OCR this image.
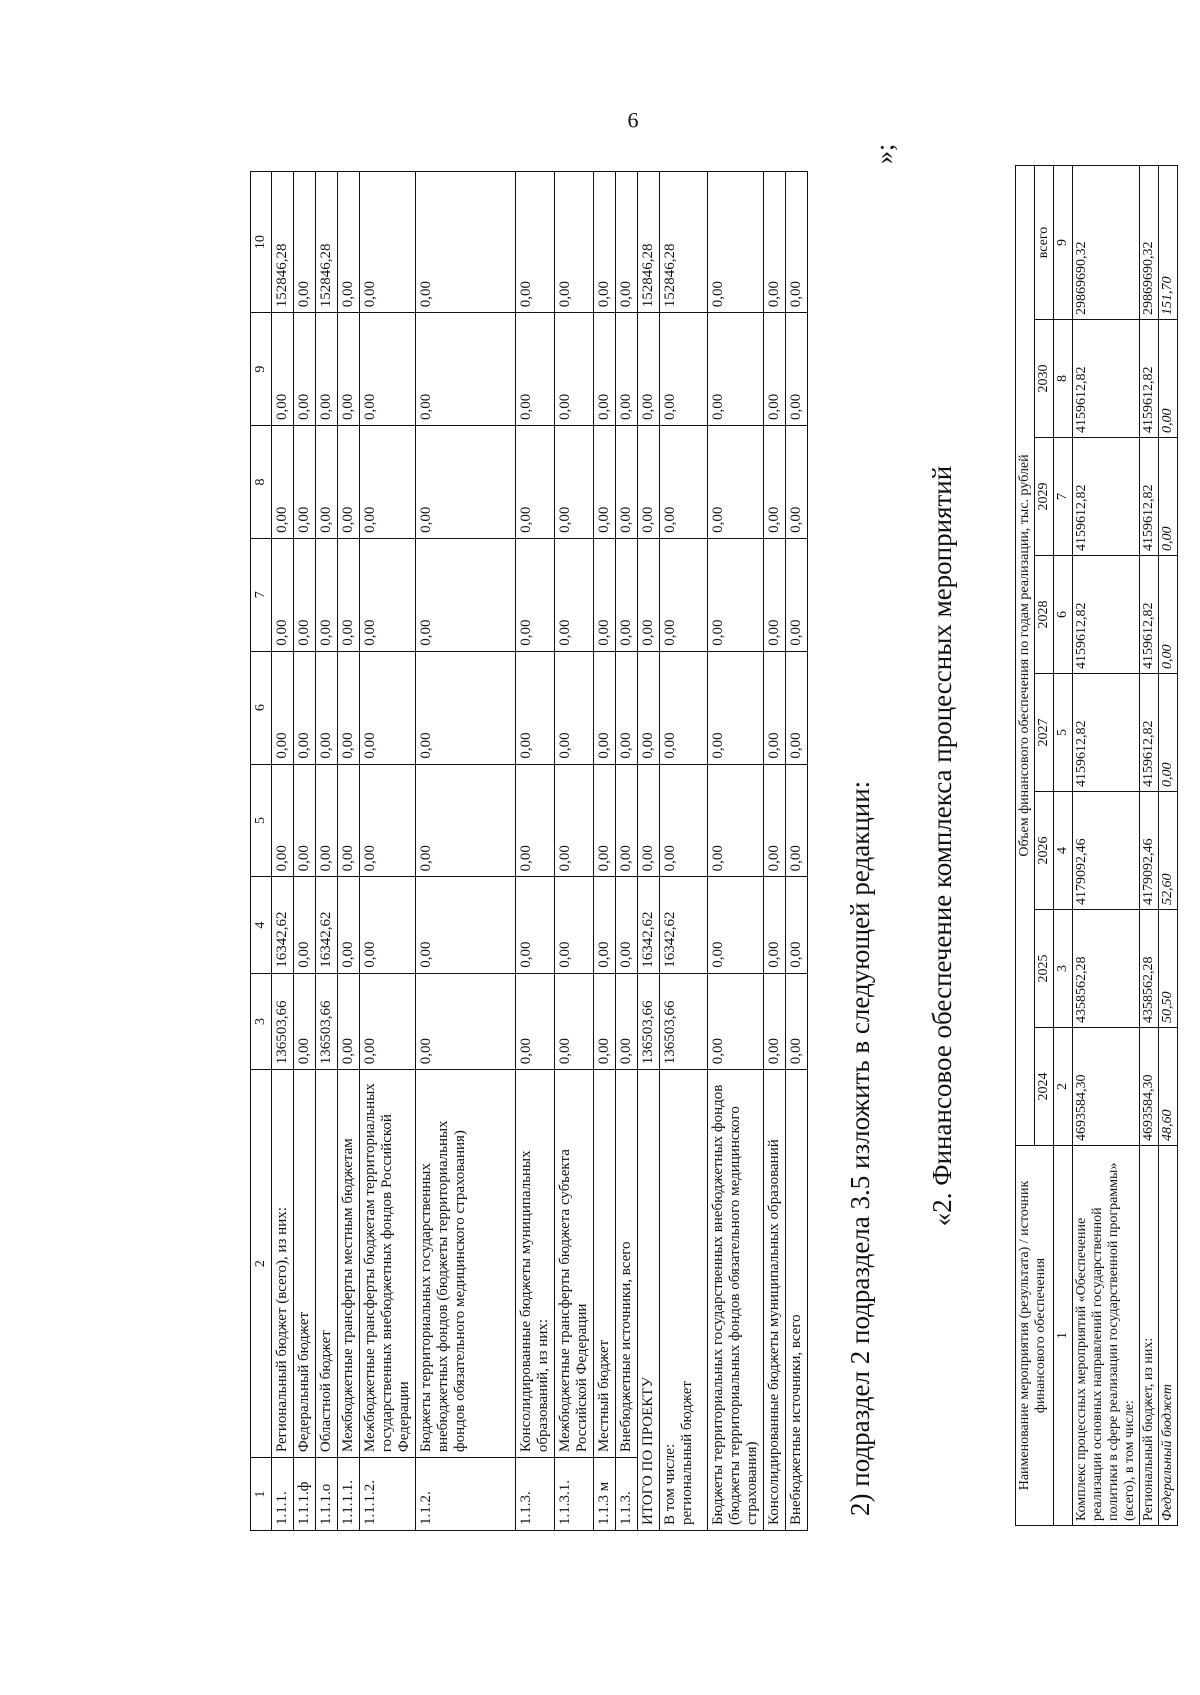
6
1	2	3	4	5	6	7	8	9	10
1.1.1.	Региональный бюджет (всего), из них:	136503,66	16342,62	0,00	0,00	0,00	0,00	0,00	152846,28
1.1.1.ф	Федеральный бюджет	0,00	0,00	0,00	0,00	0,00	0,00	0,00	0,00
1.1.1.о	Областной бюджет	136503,66	16342,62	0,00	0,00	0,00	0,00	0,00	152846,28
1.1.1.1.	Межбюджетные трансферты местным бюджетам	0,00	0,00	0,00	0,00	0,00	0,00	0,00	0,00
1.1.1.2.	Межбюджетные трансферты бюджетам территориальных государственных внебюджетных фондов Российской Федерации	0,00	0,00	0,00	0,00	0,00	0,00	0,00	0,00
1.1.2.	Бюджеты территориальных государственных внебюджетных фондов (бюджеты территориальных фондов обязательного медицинского страхования)	0,00	0,00	0,00	0,00	0,00	0,00	0,00	0,00
1.1.3.	Консолидированные бюджеты муниципальных образований, из них:	0,00	0,00	0,00	0,00	0,00	0,00	0,00	0,00
1.1.3.1.	Межбюджетные трансферты бюджета субъекта Российской Федерации	0,00	0,00	0,00	0,00	0,00	0,00	0,00	0,00
1.1.3 м	Местный бюджет	0,00	0,00	0,00	0,00	0,00	0,00	0,00	0,00
1.1.3.	Внебюджетные источники, всего	0,00	0,00	0,00	0,00	0,00	0,00	0,00	0,00
ИТОГО ПО ПРОЕКТУ		136503,66	16342,62	0,00	0,00	0,00	0,00	0,00	152846,28

В том числе: региональный бюджет		136503,66	16342,62	0,00	0,00	0,00	0,00	0,00	152846,28
Бюджеты территориальных государственных внебюджетных фондов (бюджеты территориальных фондов обязательного медицинского страхования)		0,00	0,00	0,00	0,00	0,00	0,00	0,00	0,00
Консолидированные бюджеты муниципальных образований		0,00	0,00	0,00	0,00	0,00	0,00	0,00	0,00
Внебюджетные источники, всего		0,00	0,00	0,00	0,00	0,00	0,00	0,00	0,00
»;
2) подраздел 2 подраздела 3.5 изложить в следующей редакции: «2. Финансовое обеспечение комплекса процессных мероприятий
Наименование мероприятия (результата) / источник финансового обеспечения	Объем финансового обеспечения по годам реализации, тыс. рублей							
	2024	2025	2026	2027	2028	2029	2030	всего
1	2	3	4	5	6	7	8	9
Комплекс процессных мероприятий «Обеспечение реализации основных направлений государственной политики в сфере реализации государственной программы» (всего), в том числе:	4693584,30	4358562,28	4179092,46	4159612,82	4159612,82	4159612,82	4159612,82	29869690,32
Региональный бюджет, из них:	4693584,30	4358562,28	4179092,46	4159612,82	4159612,82	4159612,82	4159612,82	29869690,32
Федеральный бюджет	48,60	50,50	52,60	0,00	0,00	0,00	0,00	151,70
